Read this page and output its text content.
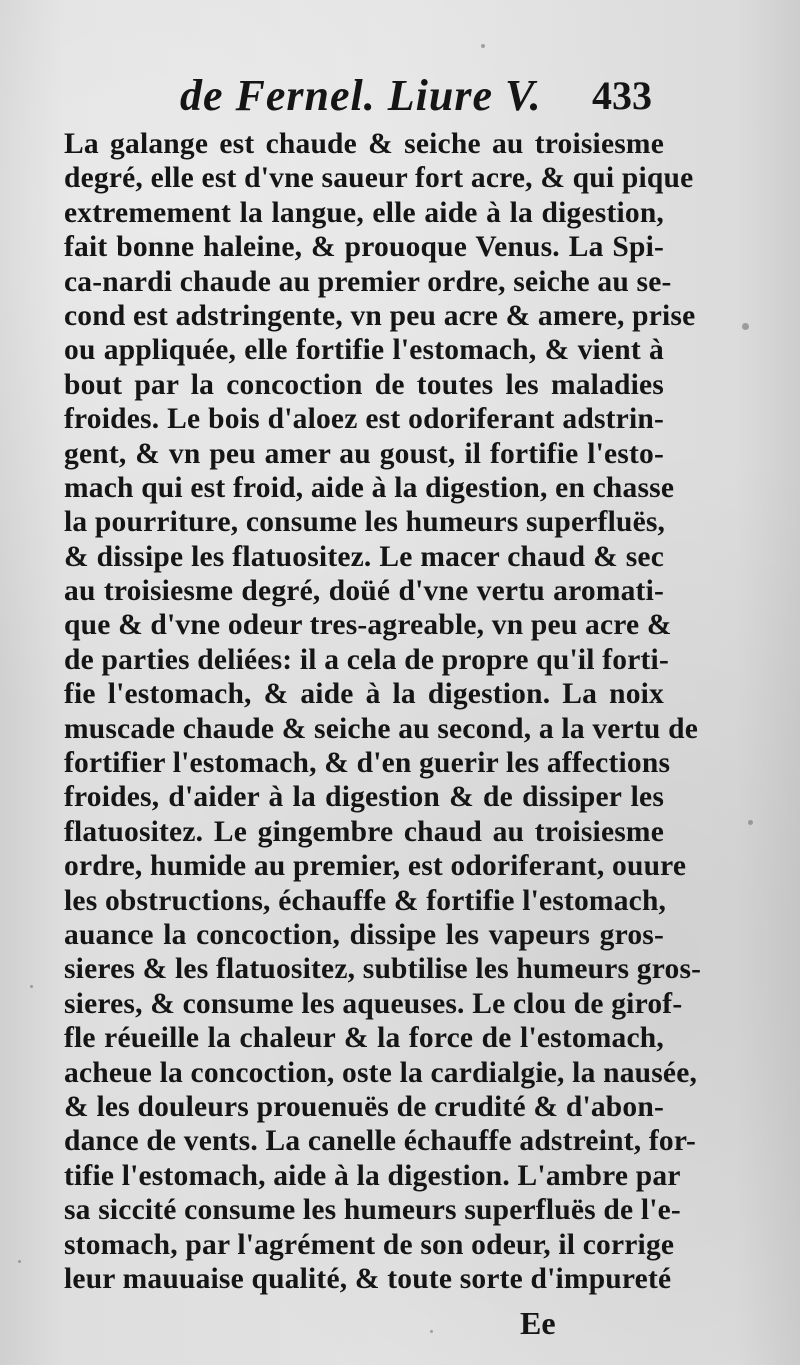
de Fernel. Liure V. 433
La galange est chaude & seiche au troisiesme
degré, elle est d'vne saueur fort acre, & qui pique
extremement la langue, elle aide à la digestion,
fait bonne haleine, & prouoque Venus. La Spi-
ca-nardi chaude au premier ordre, seiche au se-
cond est adstringente, vn peu acre & amere, prise
ou appliquée, elle fortifie l'estomach, & vient à
bout par la concoction de toutes les maladies
froides. Le bois d'aloez est odoriferant adstrin-
gent, & vn peu amer au goust, il fortifie l'esto-
mach qui est froid, aide à la digestion, en chasse
la pourriture, consume les humeurs superfluës,
& dissipe les flatuositez. Le macer chaud & sec
au troisiesme degré, doüé d'vne vertu aromati-
que & d'vne odeur tres-agreable, vn peu acre &
de parties deliées: il a cela de propre qu'il forti-
fie l'estomach, & aide à la digestion. La noix
muscade chaude & seiche au second, a la vertu de
fortifier l'estomach, & d'en guerir les affections
froides, d'aider à la digestion & de dissiper les
flatuositez. Le gingembre chaud au troisiesme
ordre, humide au premier, est odoriferant, ouure
les obstructions, échauffe & fortifie l'estomach,
auance la concoction, dissipe les vapeurs gros-
sieres & les flatuositez, subtilise les humeurs gros-
sieres, & consume les aqueuses. Le clou de girof-
fle réueille la chaleur & la force de l'estomach,
acheue la concoction, oste la cardialgie, la nausée,
& les douleurs prouenuës de crudité & d'abon-
dance de vents. La canelle échauffe adstreint, for-
tifie l'estomach, aide à la digestion. L'ambre par
sa siccité consume les humeurs superfluës de l'e-
stomach, par l'agrément de son odeur, il corrige
leur mauuaise qualité, & toute sorte d'impureté
Ee
